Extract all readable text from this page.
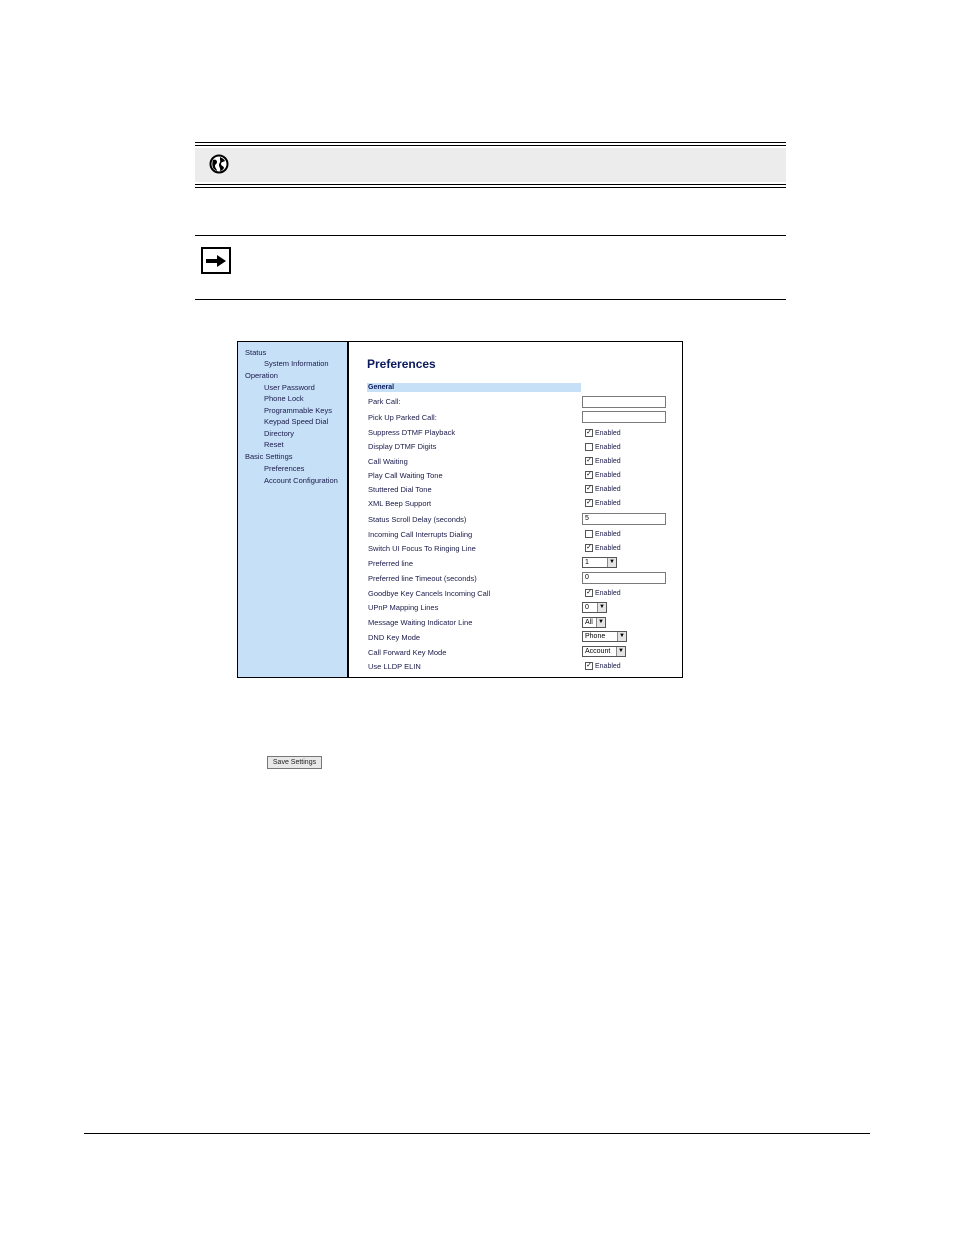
Status
System Information
Operation
User Password
Phone Lock
Programmable Keys
Keypad Speed Dial
Directory
Reset
Basic Settings
Preferences
Account Configuration
Preferences
General
Park Call:
Pick Up Parked Call:
Suppress DTMF Playback	✓ Enabled
Display DTMF Digits	Enabled
Call Waiting	✓ Enabled
Play Call Waiting Tone	✓ Enabled
Stuttered Dial Tone	✓ Enabled
XML Beep Support	✓ Enabled
Status Scroll Delay (seconds)	5
Incoming Call Interrupts Dialing	Enabled
Switch UI Focus To Ringing Line	✓ Enabled
Preferred line	1	▼
Preferred line Timeout (seconds)	0
Goodbye Key Cancels Incoming Call	✓ Enabled
UPnP Mapping Lines	0	▼
Message Waiting Indicator Line	All ▼
DND Key Mode	Phone	▼
Call Forward Key Mode	Account	▼
Use LLDP ELIN	✓ Enabled
Save Settings
